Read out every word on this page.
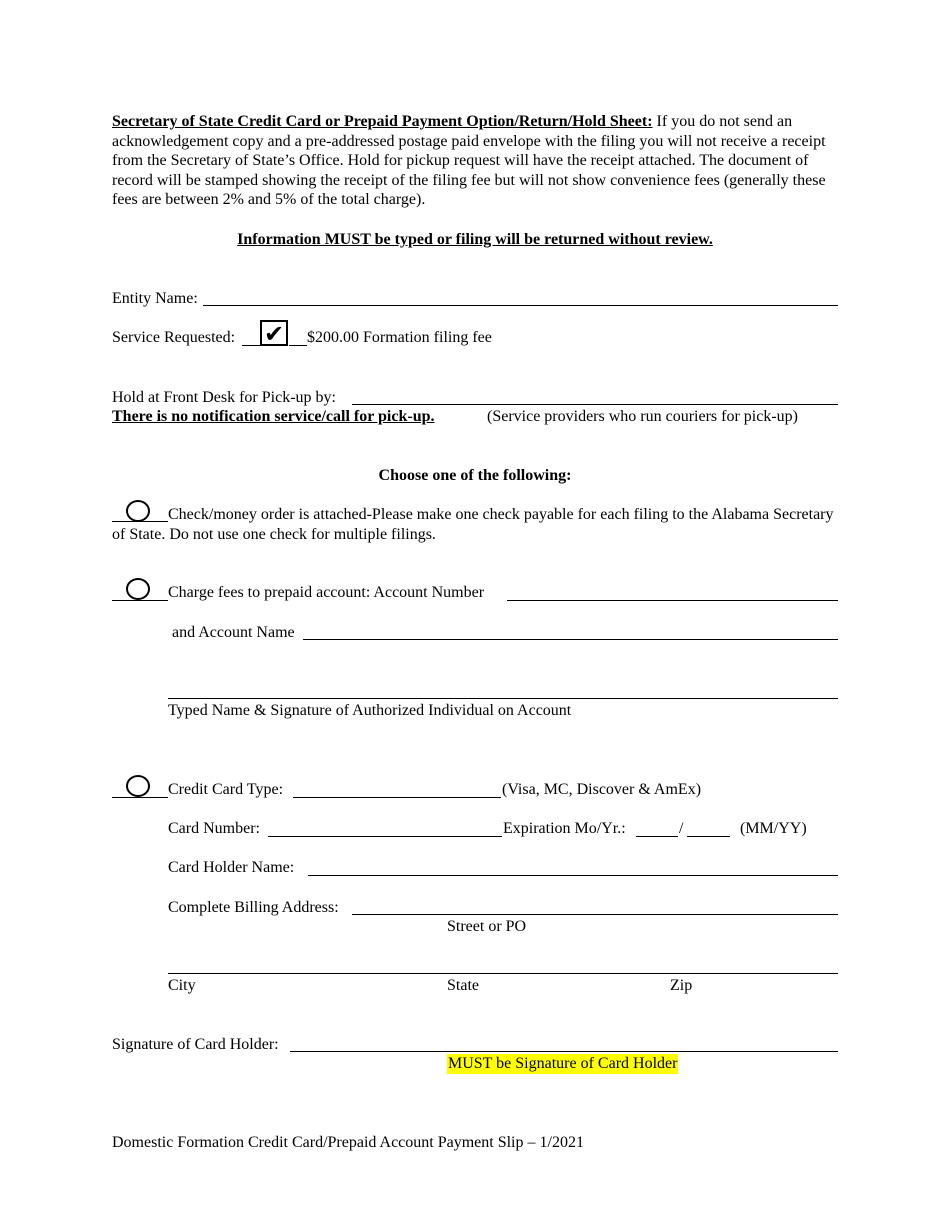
Secretary of State Credit Card or Prepaid Payment Option/Return/Hold Sheet: If you do not send an acknowledgement copy and a pre-addressed postage paid envelope with the filing you will not receive a receipt from the Secretary of State’s Office. Hold for pickup request will have the receipt attached. The document of record will be stamped showing the receipt of the filing fee but will not show convenience fees (generally these fees are between 2% and 5% of the total charge).
Information MUST be typed or filing will be returned without review.
Entity Name:
Service Requested: ✔ $200.00 Formation filing fee
Hold at Front Desk for Pick-up by:
There is no notification service/call for pick-up.	(Service providers who run couriers for pick-up)
Choose one of the following:
Check/money order is attached-Please make one check payable for each filing to the Alabama Secretary of State. Do not use one check for multiple filings.
Charge fees to prepaid account: Account Number
and Account Name
Typed Name & Signature of Authorized Individual on Account
Credit Card Type:	(Visa, MC, Discover & AmEx)
Card Number:	Expiration Mo/Yr.:	/	(MM/YY)
Card Holder Name:
Complete Billing Address:
Street or PO
City	State	Zip
Signature of Card Holder:
MUST be Signature of Card Holder
Domestic Formation Credit Card/Prepaid Account Payment Slip – 1/2021
